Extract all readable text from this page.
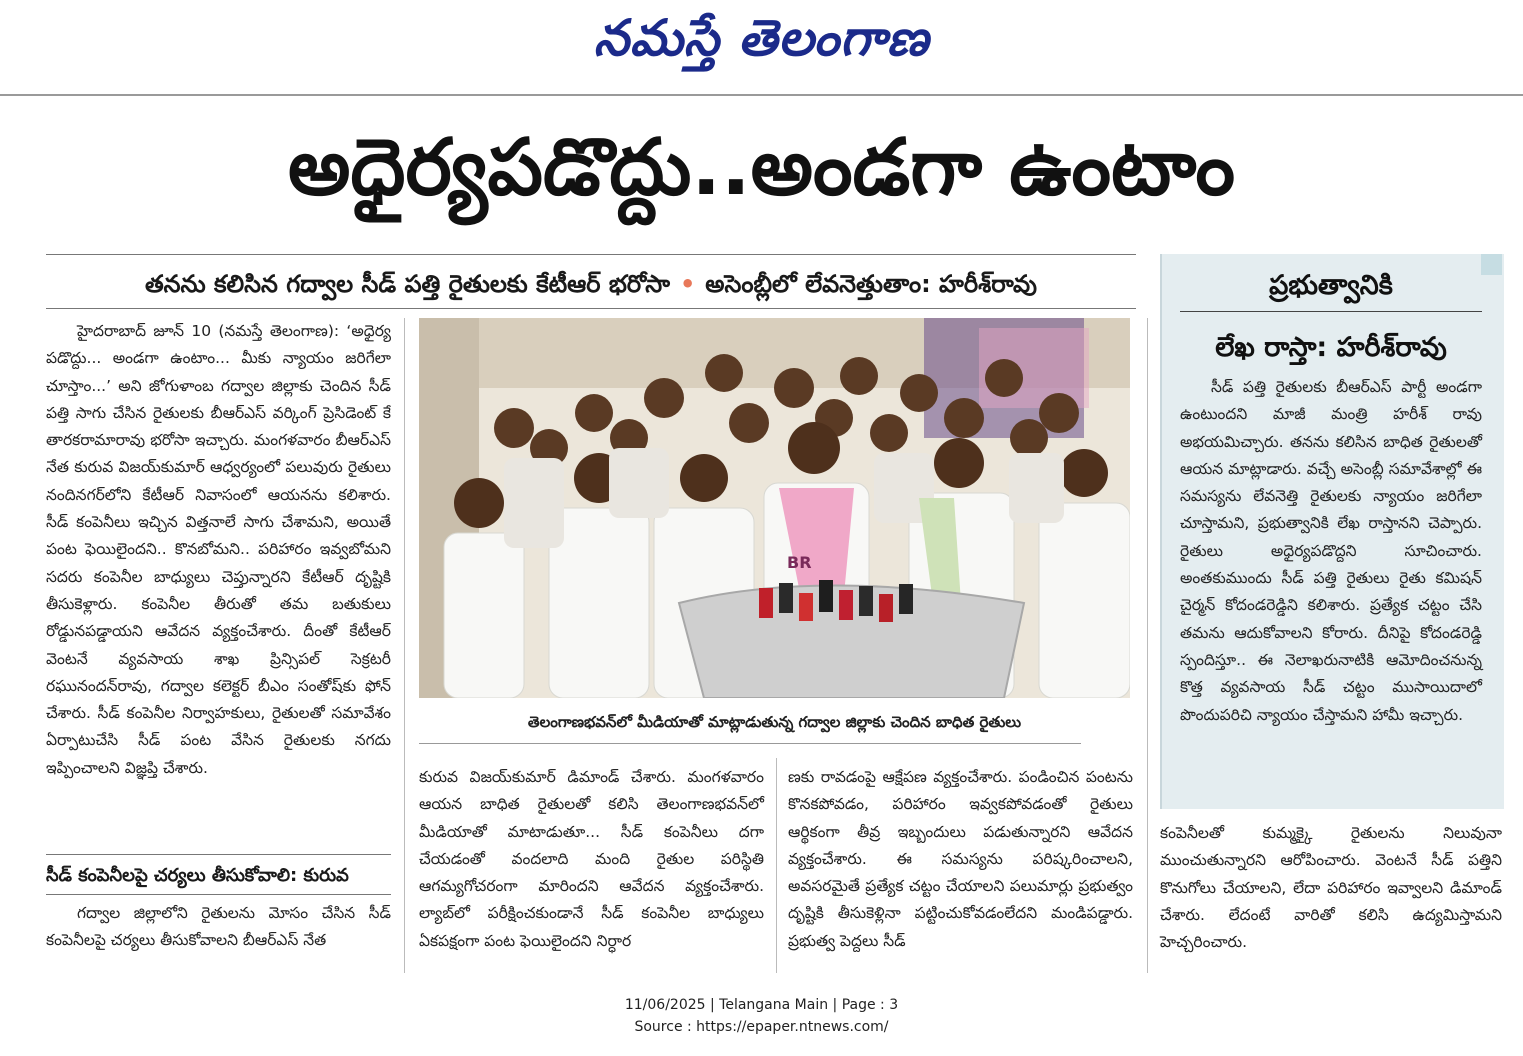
నమస్తే తెలంగాణ
అధైర్యపడొద్దు..అండగా ఉంటాం
తనను కలిసిన గద్వాల సీడ్ పత్తి రైతులకు కేటీఆర్ భరోసా • అసెంబ్లీలో లేవనెత్తుతాం: హరీశ్‌రావు

హైదరాబాద్ జూన్ 10 (నమస్తే తెలంగాణ): ‘అధైర్య పడొద్దు... అండగా ఉంటాం... మీకు న్యాయం జరిగేలా చూస్తాం...’ అని జోగుళాంబ గద్వాల జిల్లాకు చెందిన సీడ్ పత్తి సాగు చేసిన రైతులకు బీఆర్ఎస్ వర్కింగ్ ప్రెసిడెంట్ కే తారకరామారావు భరోసా ఇచ్చారు. మంగళవారం బీఆర్ఎస్ నేత కురువ విజయ్‌కుమార్ ఆధ్వర్యంలో పలువురు రైతులు నందినగర్‌లోని కేటీఆర్ నివాసంలో ఆయనను కలిశారు. సీడ్ కంపెనీలు ఇచ్చిన విత్తనాలే సాగు చేశామని, అయితే పంట ఫెయిలైందని.. కొనబోమని.. పరిహారం ఇవ్వబోమని సదరు కంపెనీల బాధ్యులు చెప్తున్నారని కేటీఆర్ దృష్టికి తీసుకెళ్లారు. కంపెనీల తీరుతో తమ బతుకులు రోడ్డునపడ్డాయని ఆవేదన వ్యక్తంచేశారు. దీంతో కేటీఆర్ వెంటనే వ్యవసాయ శాఖ ప్రిన్సిపల్ సెక్రటరీ రఘునందన్‌రావు, గద్వాల కలెక్టర్ బీఎం సంతోష్‌కు ఫోన్ చేశారు. సీడ్ కంపెనీల నిర్వాహకులు, రైతులతో సమావేశం ఏర్పాటుచేసి సీడ్ పంట వేసిన రైతులకు నగదు ఇప్పించాలని విజ్ఞప్తి చేశారు.

సీడ్ కంపెనీలపై చర్యలు తీసుకోవాలి: కురువ
గద్వాల జిల్లాలోని రైతులను మోసం చేసిన సీడ్ కంపెనీలపై చర్యలు తీసుకోవాలని బీఆర్ఎస్ నేత
BR
తెలంగాణభవన్‌లో మీడియాతో మాట్లాడుతున్న గద్వాల జిల్లాకు చెందిన బాధిత రైతులు
కురువ విజయ్‌కుమార్ డిమాండ్ చేశారు. మంగళవారం ఆయన బాధిత రైతులతో కలిసి తెలంగాణభవన్‌లో మీడియాతో మాటాడుతూ... సీడ్ కంపెనీలు దగా చేయడంతో వందలాది మంది రైతుల పరిస్థితి ఆగమ్యగోచరంగా మారిందని ఆవేదన వ్యక్తంచేశారు. ల్యాబ్‌లో పరీక్షించకుండానే సీడ్ కంపెనీల బాధ్యులు ఏకపక్షంగా పంట ఫెయిలైందని నిర్ధార
ణకు రావడంపై ఆక్షేపణ వ్యక్తంచేశారు. పండించిన పంటను కొనకపోవడం, పరిహారం ఇవ్వకపోవడంతో రైతులు ఆర్థికంగా తీవ్ర ఇబ్బందులు పడుతున్నారని ఆవేదన వ్యక్తంచేశారు. ఈ సమస్యను పరిష్కరించాలని, అవసరమైతే ప్రత్యేక చట్టం చేయాలని పలుమార్లు ప్రభుత్వం దృష్టికి తీసుకెళ్లినా పట్టించుకోవడంలేదని మండిపడ్డారు. ప్రభుత్వ పెద్దలు సీడ్
ప్రభుత్వానికి
లేఖ రాస్తా: హరీశ్‌రావు
సీడ్ పత్తి రైతులకు బీఆర్ఎస్ పార్టీ అండగా ఉంటుందని మాజీ మంత్రి హరీశ్ రావు అభయమిచ్చారు. తనను కలిసిన బాధిత రైతులతో ఆయన మాట్లాడారు. వచ్చే అసెంబ్లీ సమావేశాల్లో ఈ సమస్యను లేవనెత్తి రైతులకు న్యాయం జరిగేలా చూస్తామని, ప్రభుత్వానికి లేఖ రాస్తానని చెప్పారు. రైతులు అధైర్యపడొద్దని సూచించారు. అంతకుముందు సీడ్ పత్తి రైతులు రైతు కమిషన్ చైర్మన్ కోదండరెడ్డిని కలిశారు. ప్రత్యేక చట్టం చేసి తమను ఆదుకోవాలని కోరారు. దీనిపై కోదండరెడ్డి స్పందిస్తూ.. ఈ నెలాఖరునాటికి ఆమోదించనున్న కొత్త వ్యవసాయ సీడ్ చట్టం ముసాయిదాలో పొందుపరిచి న్యాయం చేస్తామని హామీ ఇచ్చారు.
కంపెనీలతో కుమ్మక్కై రైతులను నిలువునా ముంచుతున్నారని ఆరోపించారు. వెంటనే సీడ్ పత్తిని కొనుగోలు చేయాలని, లేదా పరిహారం ఇవ్వాలని డిమాండ్ చేశారు. లేదంటే వారితో కలిసి ఉద్యమిస్తామని హెచ్చరించారు.
11/06/2025 | Telangana Main | Page : 3
Source : https://epaper.ntnews.com/
